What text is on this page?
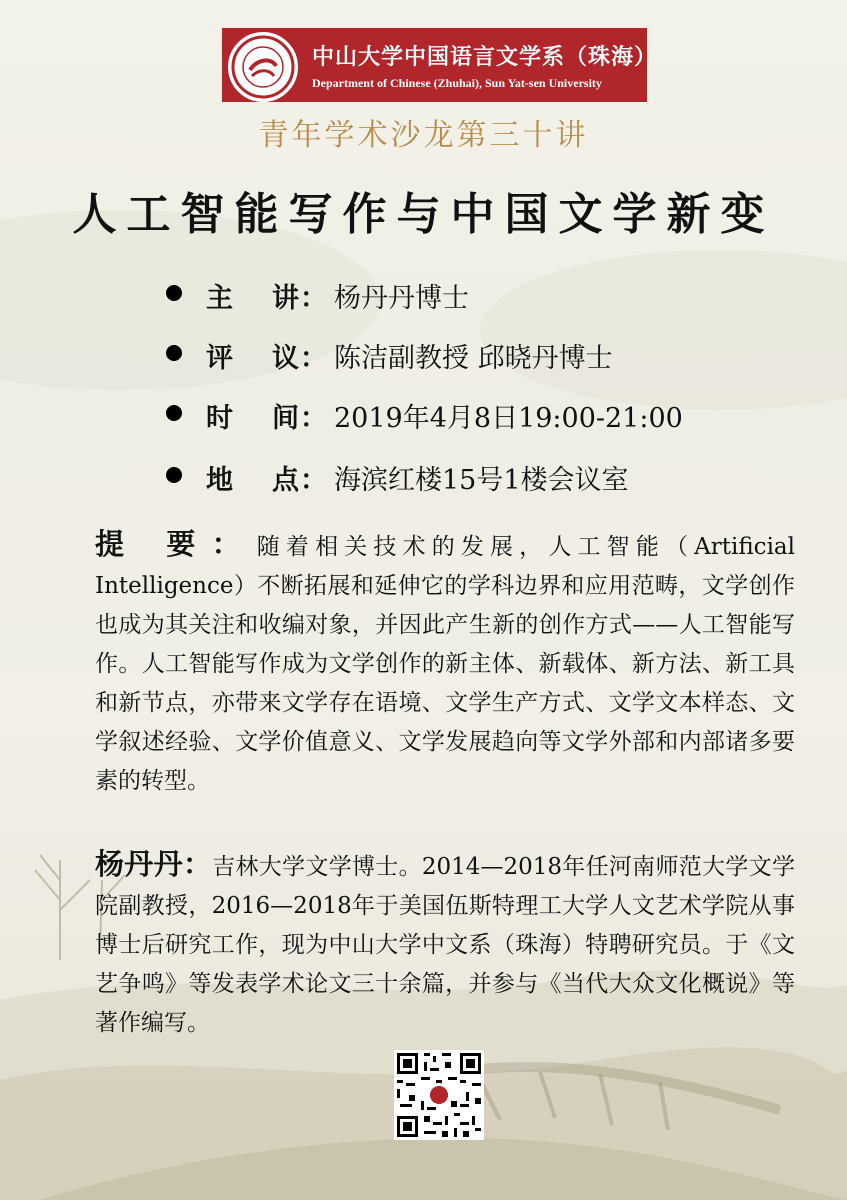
中山大学中国语言文学系（珠海）
Department of Chinese (Zhuhai), Sun Yat-sen University
青年学术沙龙第三十讲
人工智能写作与中国文学新变
主 讲 ： 杨丹丹博士
评 议 ： 陈洁副教授 邱晓丹博士
时 间 ： 2019年4月8日19:00-21:00
地 点 ： 海滨红楼15号1楼会议室
提 要：随着相关技术的发展，人工智能（Artificial Intelligence）不断拓展和延伸它的学科边界和应用范畴，文学创作也成为其关注和收编对象，并因此产生新的创作方式——人工智能写作。人工智能写作成为文学创作的新主体、新载体、新方法、新工具和新节点，亦带来文学存在语境、文学生产方式、文学文本样态、文学叙述经验、文学价值意义、文学发展趋向等文学外部和内部诸多要素的转型。
杨丹丹：吉林大学文学博士。2014—2018年任河南师范大学文学院副教授，2016—2018年于美国伍斯特理工大学人文艺术学院从事博士后研究工作，现为中山大学中文系（珠海）特聘研究员。于《文艺争鸣》等发表学术论文三十余篇，并参与《当代大众文化概说》等著作编写。
